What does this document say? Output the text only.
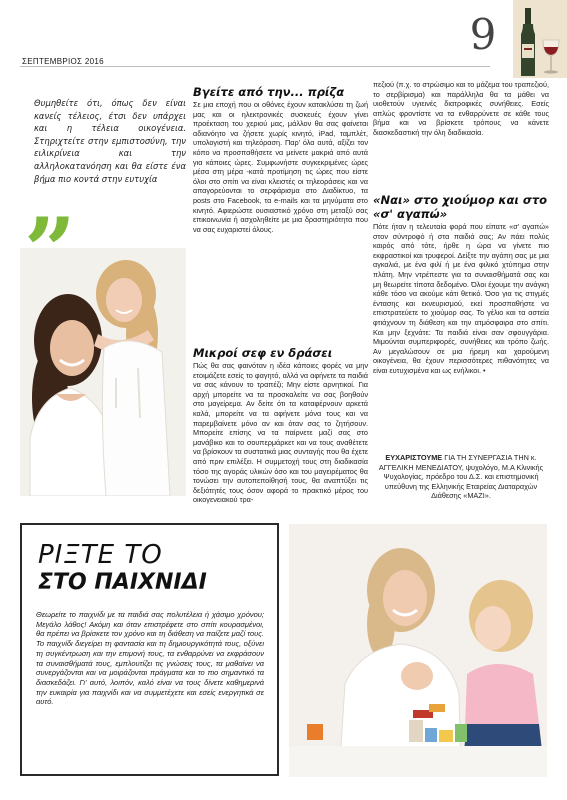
ΣΕΠΤΕΜΒΡΙΟΣ 2016
9
Θυμηθείτε ότι, όπως δεν είναι κανείς τέλειος, έτσι δεν υπάρχει και η τέλεια οικογένεια. Στηριχτείτε στην εμπιστοσύνη, την ειλικρίνεια και την αλληλοκατανόηση και θα είστε ένα βήμα πιο κοντά στην ευτυχία
Βγείτε από την... πρίζα
Σε μια εποχή που οι οθόνες έχουν κατακλύσει τη ζωή μας και οι ηλεκτρονικές συσκευές έχουν γίνει προέκταση του χεριού μας, μάλλον θα σας φαίνεται αδιανόητο να ζήσετε χωρίς κινητό, iPad, ταμπλέτ, υπολογιστή και τηλεόραση. Παρ' όλα αυτά, αξίζει τον κόπο να προσπαθήσετε να μείνετε μακριά από αυτά για κάποιες ώρες. Συμφωνήστε συγκεκριμένες ώρες μέσα στη μέρα -κατά προτίμηση τις ώρες που είστε όλοι στο σπίτι να είναι κλειστές οι τηλεοράσεις και να απαγορεύονται το σερφάρισμα στο Διαδίκτυο, τα posts στο Facebook, τα e-mails και τα μηνύματα στο κινητό. Αφιερώστε ουσιαστικό χρόνο στη μεταξύ σας επικοινωνία ή ασχοληθείτε με μια δραστηριότητα που να σας ευχαριστεί όλους.
Μικροί σεφ εν δράσει
Πώς θα σας φαινόταν η ιδέα κάποιες φορές να μην ετοιμάζετε εσείς το φαγητό, αλλά να αφήνετε τα παιδιά να σας κάνουν το τραπέζι; Μην είστε αρνητικοί. Για αρχή μπορείτε να τα προσκαλείτε να σας βοηθούν στο μαγείρεμα. Αν δείτε ότι τα καταφέρνουν αρκετά καλά, μπορείτε να τα αφήνετε μόνα τους και να παρεμβαίνετε μόνο αν και όταν σας το ζητήσουν. Μπορείτε επίσης να τα παίρνετε μαζί σας στο μανάβικο και το σουπερμάρκετ και να τους αναθέτετε να βρίσκουν τα συστατικά μιας συνταγής που θα έχετε από πριν επιλέξει. Η συμμετοχή τους στη διαδικασία τόσο της αγοράς υλικών όσο και του μαγειρέματος θα τονώσει την αυτοπεποίθησή τους, θα αναπτύξει τις δεξιότητές τους όσον αφορά το πρακτικό μέρος του οικογενειακού τρα-
πεζιού (π.χ. το στρώσιμο και το μάζεμα του τραπεζιού, το σερβίρισμα) και παράλληλα θα τα μάθει να υιοθετούν υγιεινές διατροφικές συνήθειες. Εσείς απλώς φροντίστε να τα ενθαρρύνετε σε κάθε τους βήμα και να βρίσκετε τρόπους να κάνετε διασκεδαστική την όλη διαδικασία.
«Ναι» στο χιούμορ και στο «σ' αγαπώ»
Πότε ήταν η τελευταία φορά που είπατε «σ' αγαπώ» στον σύντροφό ή στα παιδιά σας; Αν πάει πολύς καιρός από τότε, ήρθε η ώρα να γίνετε πιο εκφραστικοί και τρυφεροί. Δείξτε την αγάπη σας με μια αγκαλιά, με ένα φιλί ή με ένα φιλικό χτύπημα στην πλάτη. Μην ντρέπεστε για τα συναισθήματά σας και μη θεωρείτε τίποτα δεδομένο. Όλοι έχουμε την ανάγκη κάθε τόσο να ακούμε κάτι θετικό. Όσο για τις στιγμές έντασης και εκνευρισμού, εκεί προσπαθήστε να επιστρατεύετε το χιούμορ σας. Το γέλιο και τα αστεία φτιάχνουν τη διάθεση και την ατμόσφαιρα στο σπίτι. Και μην ξεχνάτε: Τα παιδιά είναι σαν σφουγγάρια. Μιμούνται συμπεριφορές, συνήθειες και τρόπο ζωής. Αν μεγαλώσουν σε μια ήρεμη και χαρούμενη οικογένεια, θα έχουν περισσότερες πιθανότητες να είναι ευτυχισμένα και ως ενήλικοι. •
ΕΥΧΑΡΙΣΤΟΥΜΕ ΓΙΑ ΤΗ ΣΥΝΕΡΓΑΣΙΑ ΤΗΝ κ. ΑΓΓΕΛΙΚΗ ΜΕΝΕΔΙΑΤΟΥ, ψυχολόγο, Μ.Α Κλινικής Ψυχολογίας, πρόεδρο του Δ.Σ. και επιστημονική υπεύθυνη της Ελληνικής Εταιρείας Διαταραχών Διάθεσης «ΜΑΖΙ».
ΡΙΞΤΕ ΤΟ
ΣΤΟ ΠΑΙΧΝΙΔΙ
Θεωρείτε το παιχνίδι με τα παιδιά σας πολυτέλεια ή χάσιμο χρόνου; Μεγάλο λάθος! Ακόμη και όταν επιστρέφετε στο σπίτι κουρασμένοι, θα πρέπει να βρίσκετε τον χρόνο και τη διάθεση να παίζετε μαζί τους. Το παιχνίδι διεγείρει τη φαντασία και τη δημιουργικότητά τους, οξύνει τη συγκέντρωση και την επιμονή τους, τα ενθαρρύνει να εκφράσουν τα συναισθήματά τους, εμπλουτίζει τις γνώσεις τους, τα μαθαίνει να συνεργάζονται και να μοιράζονται πράγματα και το πιο σημαντικό τα διασκεδάζει. Γι' αυτό, λοιπόν, καλό είναι να τους δίνετε καθημερινά την ευκαιρία για παιχνίδι και να συμμετέχετε και εσείς ενεργητικά σε αυτό.
